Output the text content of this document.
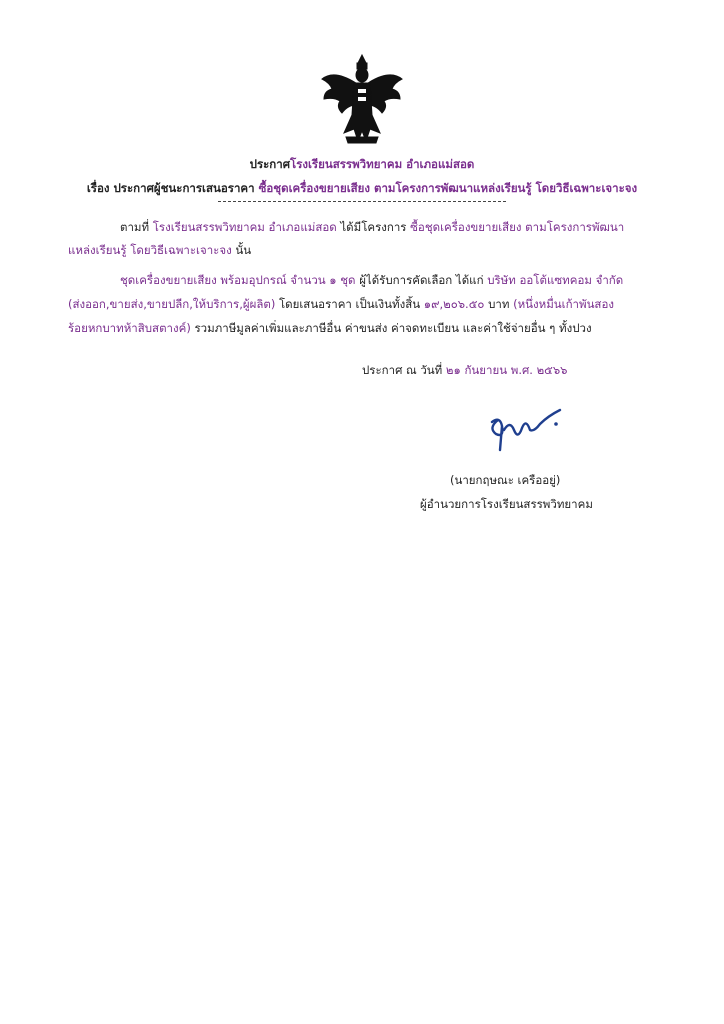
ประกาศโรงเรียนสรรพวิทยาคม อำเภอแม่สอด
เรื่อง ประกาศผู้ชนะการเสนอราคา ซื้อชุดเครื่องขยายเสียง ตามโครงการพัฒนาแหล่งเรียนรู้ โดยวิธีเฉพาะเจาะจง
ตามที่ โรงเรียนสรรพวิทยาคม อำเภอแม่สอด ได้มีโครงการ ซื้อชุดเครื่องขยายเสียง ตามโครงการพัฒนา
แหล่งเรียนรู้ โดยวิธีเฉพาะเจาะจง นั้น
ชุดเครื่องขยายเสียง พร้อมอุปกรณ์ จำนวน ๑ ชุด ผู้ได้รับการคัดเลือก ได้แก่ บริษัท ออโต้แซทคอม จำกัด
(ส่งออก,ขายส่ง,ขายปลีก,ให้บริการ,ผู้ผลิต) โดยเสนอราคา เป็นเงินทั้งสิ้น ๑๙,๒๐๖.๕๐ บาท (หนึ่งหมื่นเก้าพันสอง
ร้อยหกบาทห้าสิบสตางค์) รวมภาษีมูลค่าเพิ่มและภาษีอื่น ค่าขนส่ง ค่าจดทะเบียน และค่าใช้จ่ายอื่น ๆ ทั้งปวง
ประกาศ ณ วันที่ ๒๑ กันยายน พ.ศ. ๒๕๖๖
(นายกฤษณะ เครืออยู่)
ผู้อำนวยการโรงเรียนสรรพวิทยาคม
